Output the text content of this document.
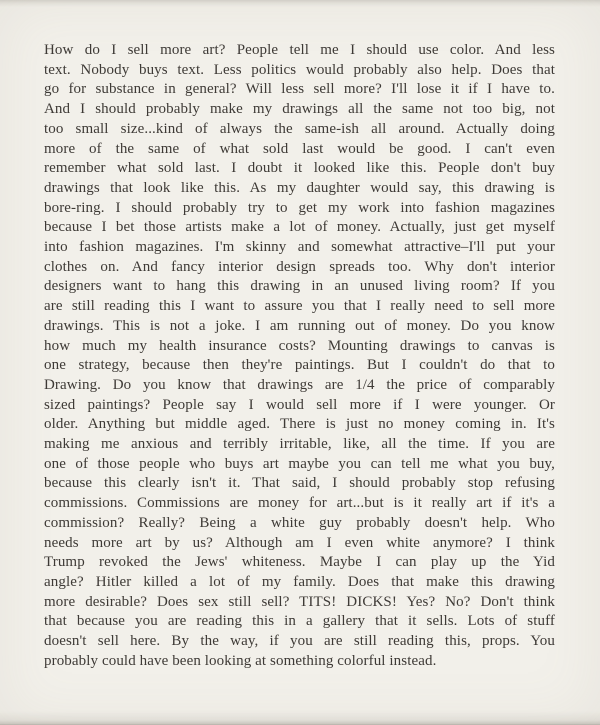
How do I sell more art? People tell me I should use color. And less
text. Nobody buys text. Less politics would probably also help. Does that
go for substance in general? Will less sell more? I'll lose it if I have to.
And I should probably make my drawings all the same not too big, not
too small size...kind of always the same-ish all around. Actually doing
more of the same of what sold last would be good. I can't even
remember what sold last. I doubt it looked like this. People don't buy
drawings that look like this. As my daughter would say, this drawing is
bore-ring. I should probably try to get my work into fashion magazines
because I bet those artists make a lot of money. Actually, just get myself
into fashion magazines. I'm skinny and somewhat attractive–I'll put your
clothes on. And fancy interior design spreads too. Why don't interior
designers want to hang this drawing in an unused living room? If you
are still reading this I want to assure you that I really need to sell more
drawings. This is not a joke. I am running out of money. Do you know
how much my health insurance costs? Mounting drawings to canvas is
one strategy, because then they're paintings. But I couldn't do that to
Drawing. Do you know that drawings are 1/4 the price of comparably
sized paintings? People say I would sell more if I were younger. Or
older. Anything but middle aged. There is just no money coming in. It's
making me anxious and terribly irritable, like, all the time. If you are
one of those people who buys art maybe you can tell me what you buy,
because this clearly isn't it. That said, I should probably stop refusing
commissions. Commissions are money for art...but is it really art if it's a
commission? Really? Being a white guy probably doesn't help. Who
needs more art by us? Although am I even white anymore? I think
Trump revoked the Jews' whiteness. Maybe I can play up the Yid
angle? Hitler killed a lot of my family. Does that make this drawing
more desirable? Does sex still sell? TITS! DICKS! Yes? No? Don't think
that because you are reading this in a gallery that it sells. Lots of stuff
doesn't sell here. By the way, if you are still reading this, props. You
probably could have been looking at something colorful instead.
